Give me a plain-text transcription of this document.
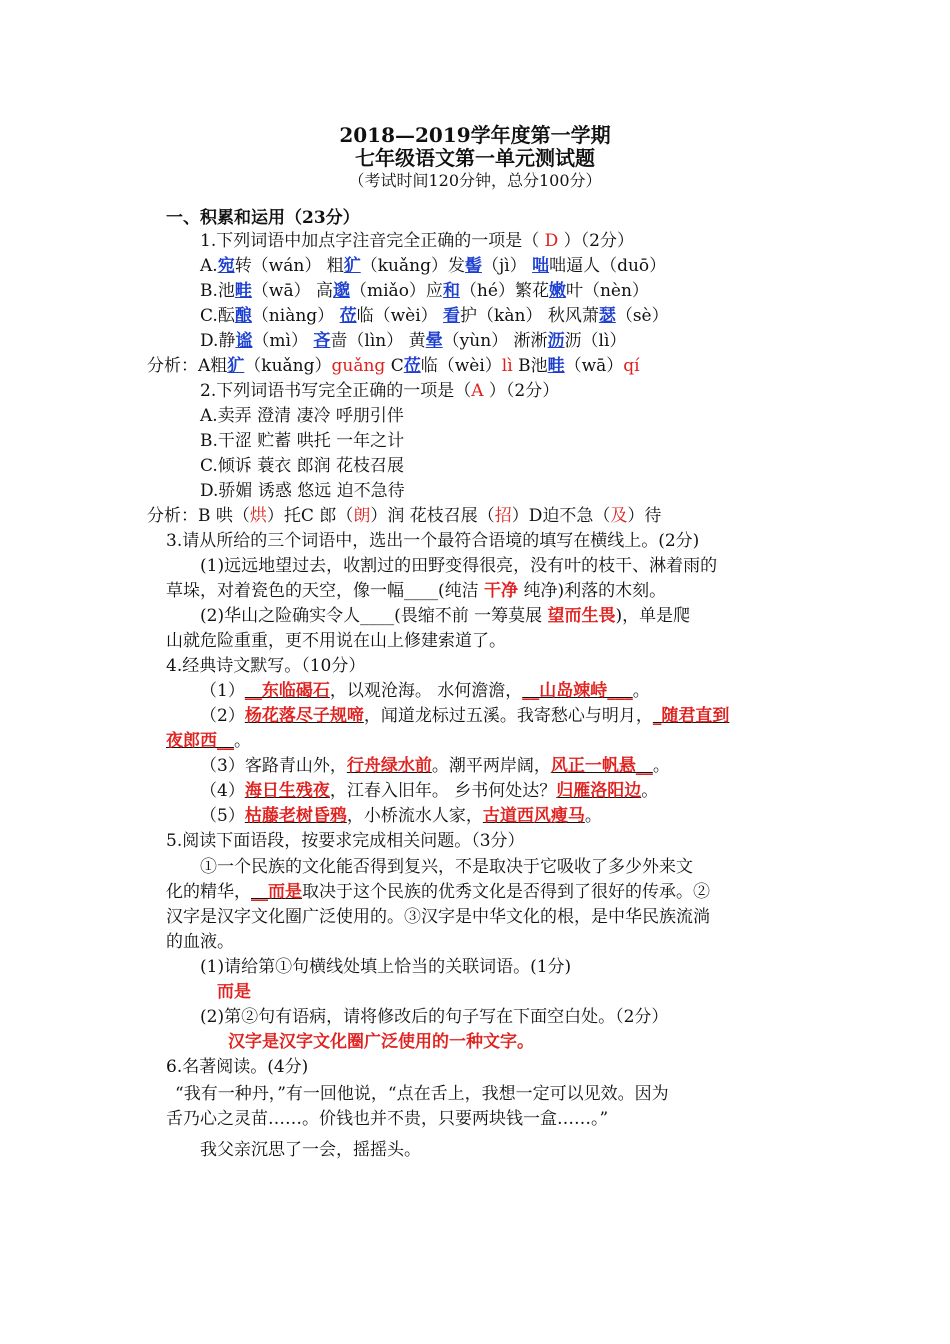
2018—2019学年度第一学期
七年级语文第一单元测试题
（考试时间120分钟，总分100分）
一、积累和运用（23分）
1.下列词语中加点字注音完全正确的一项是（ D ）（2分）
A.宛转（wán） 粗犷（kuǎng）发髻（jì） 咄咄逼人（duō）
B.池畦（wā） 高邈（miǎo）应和（hé）繁花嫩叶（nèn）
C.酝酿（niàng） 莅临（wèi） 看护（kàn） 秋风萧瑟（sè）
D.静谧（mì） 吝啬（lìn） 黄晕（yùn） 淅淅沥沥（lì）
分析：A粗犷（kuǎng）guǎng C莅临（wèi）lì B池畦（wā）qí
2.下列词语书写完全正确的一项是（A ）（2分）
A.卖弄 澄清 凄冷 呼朋引伴
B.干涩 贮蓄 哄托 一年之计
C.倾诉 蓑衣 郎润 花枝召展
D.骄媚 诱惑 悠远 迫不急待
分析：B 哄（烘）托C 郎（朗）润 花枝召展（招）D迫不急（及）待
3.请从所给的三个词语中，选出一个最符合语境的填写在横线上。(2分)
(1)远远地望过去，收割过的田野变得很亮，没有叶的枝干、淋着雨的
草垛，对着瓷色的天空，像一幅____(纯洁 干净 纯净)利落的木刻。
(2)华山之险确实令人____(畏缩不前 一筹莫展 望而生畏)，单是爬
山就危险重重，更不用说在山上修建索道了。
4.经典诗文默写。（10分）
（1）__东临碣石，以观沧海。 水何澹澹，__山岛竦峙___。
（2）杨花落尽子规啼，闻道龙标过五溪。我寄愁心与明月，_随君直到
夜郎西__。
（3）客路青山外，行舟绿水前。潮平两岸阔，风正一帆悬__。
（4）海日生残夜，江春入旧年。 乡书何处达？归雁洛阳边。
（5）枯藤老树昏鸦，小桥流水人家，古道西风瘦马。
5.阅读下面语段，按要求完成相关问题。（3分）
①一个民族的文化能否得到复兴，不是取决于它吸收了多少外来文
化的精华，__而是取决于这个民族的优秀文化是否得到了很好的传承。②
汉字是汉字文化圈广泛使用的。③汉字是中华文化的根，是中华民族流淌
的血液。
(1)请给第①句横线处填上恰当的关联词语。(1分)
而是
(2)第②句有语病，请将修改后的句子写在下面空白处。（2分）
汉字是汉字文化圈广泛使用的一种文字。
6.名著阅读。(4分)
“我有一种丹，”有一回他说，“点在舌上，我想一定可以见效。因为
舌乃心之灵苗……。价钱也并不贵，只要两块钱一盒……。”
我父亲沉思了一会，摇摇头。
